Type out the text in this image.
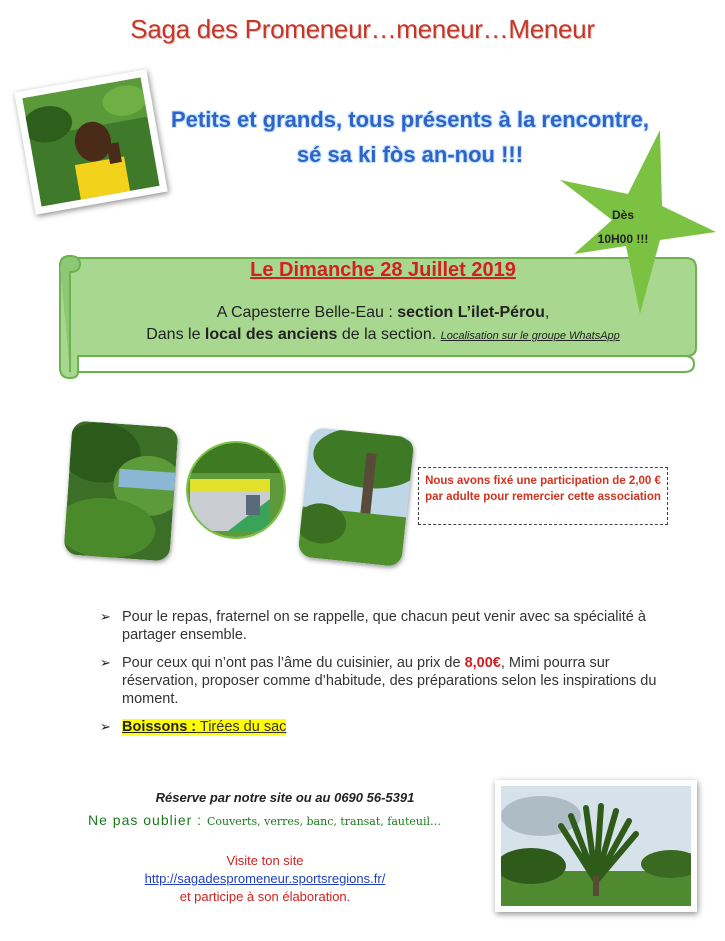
Saga des Promeneur…meneur…Meneur
Petits et grands, tous présents à la rencontre,
sé sa ki fòs an-nou !!!
Le Dimanche 28 Juillet 2019
A Capesterre Belle-Eau : section L’ilet-Pérou,
Dans le local des anciens de la section. Localisation sur le groupe WhatsApp
Dès
10H00 !!!
Nous avons fixé une participation de 2,00 € par adulte pour remercier cette association
➢ Pour le repas, fraternel on se rappelle, que chacun peut venir avec sa spécialité à partager ensemble.
➢ Pour ceux qui n’ont pas l’âme du cuisinier, au prix de 8,00€, Mimi pourra sur réservation, proposer comme d’habitude, des préparations selon les inspirations du moment.
➢ Boissons : Tirées du sac
Réserve par notre site ou au 0690 56-5391
Ne pas oublier : Couverts, verres, banc, transat, fauteuil…
Visite ton site
http://sagadespromeneur.sportsregions.fr/
et participe à son élaboration.
